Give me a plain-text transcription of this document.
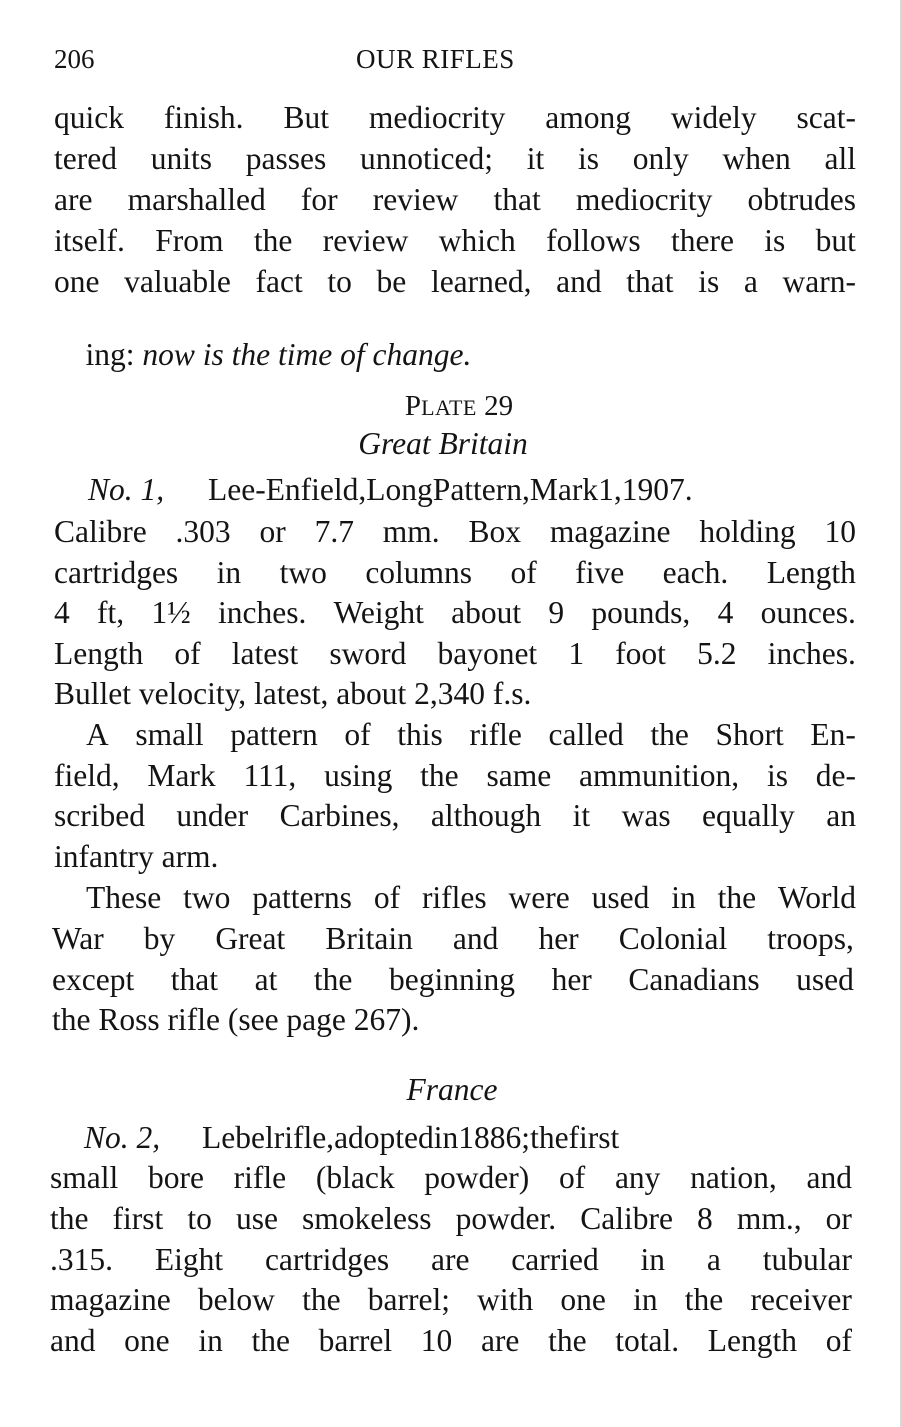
206	OUR RIFLES
quick finish. But mediocrity among widely scat-
tered units passes unnoticed; it is only when all
are marshalled for review that mediocrity obtrudes
itself. From the review which follows there is but
one valuable fact to be learned, and that is a warn-

ing: now is the time of change.

PLATE 29

Great Britain
No. 1, Lee-Enfield,LongPattern,Mark1,1907.
Calibre .303 or 7.7 mm. Box magazine holding 10
cartridges in two columns of five each. Length
4 ft, 1½ inches. Weight about 9 pounds, 4 ounces.
Length of latest sword bayonet 1 foot 5.2 inches.
Bullet velocity, latest, about 2,340 f.s.
A small pattern of this rifle called the Short En-
field, Mark 111, using the same ammunition, is de-
scribed under Carbines, although it was equally an
infantry arm.
These two patterns of rifles were used in the World
War by Great Britain and her Colonial troops,
except that at the beginning her Canadians used
the Ross rifle (see page 267).
France
No. 2, Lebelrifle,adoptedin1886;thefirst
small bore rifle (black powder) of any nation, and
the first to use smokeless powder. Calibre 8 mm., or
.315. Eight cartridges are carried in a tubular
magazine below the barrel; with one in the receiver
and one in the barrel 10 are the total. Length of
